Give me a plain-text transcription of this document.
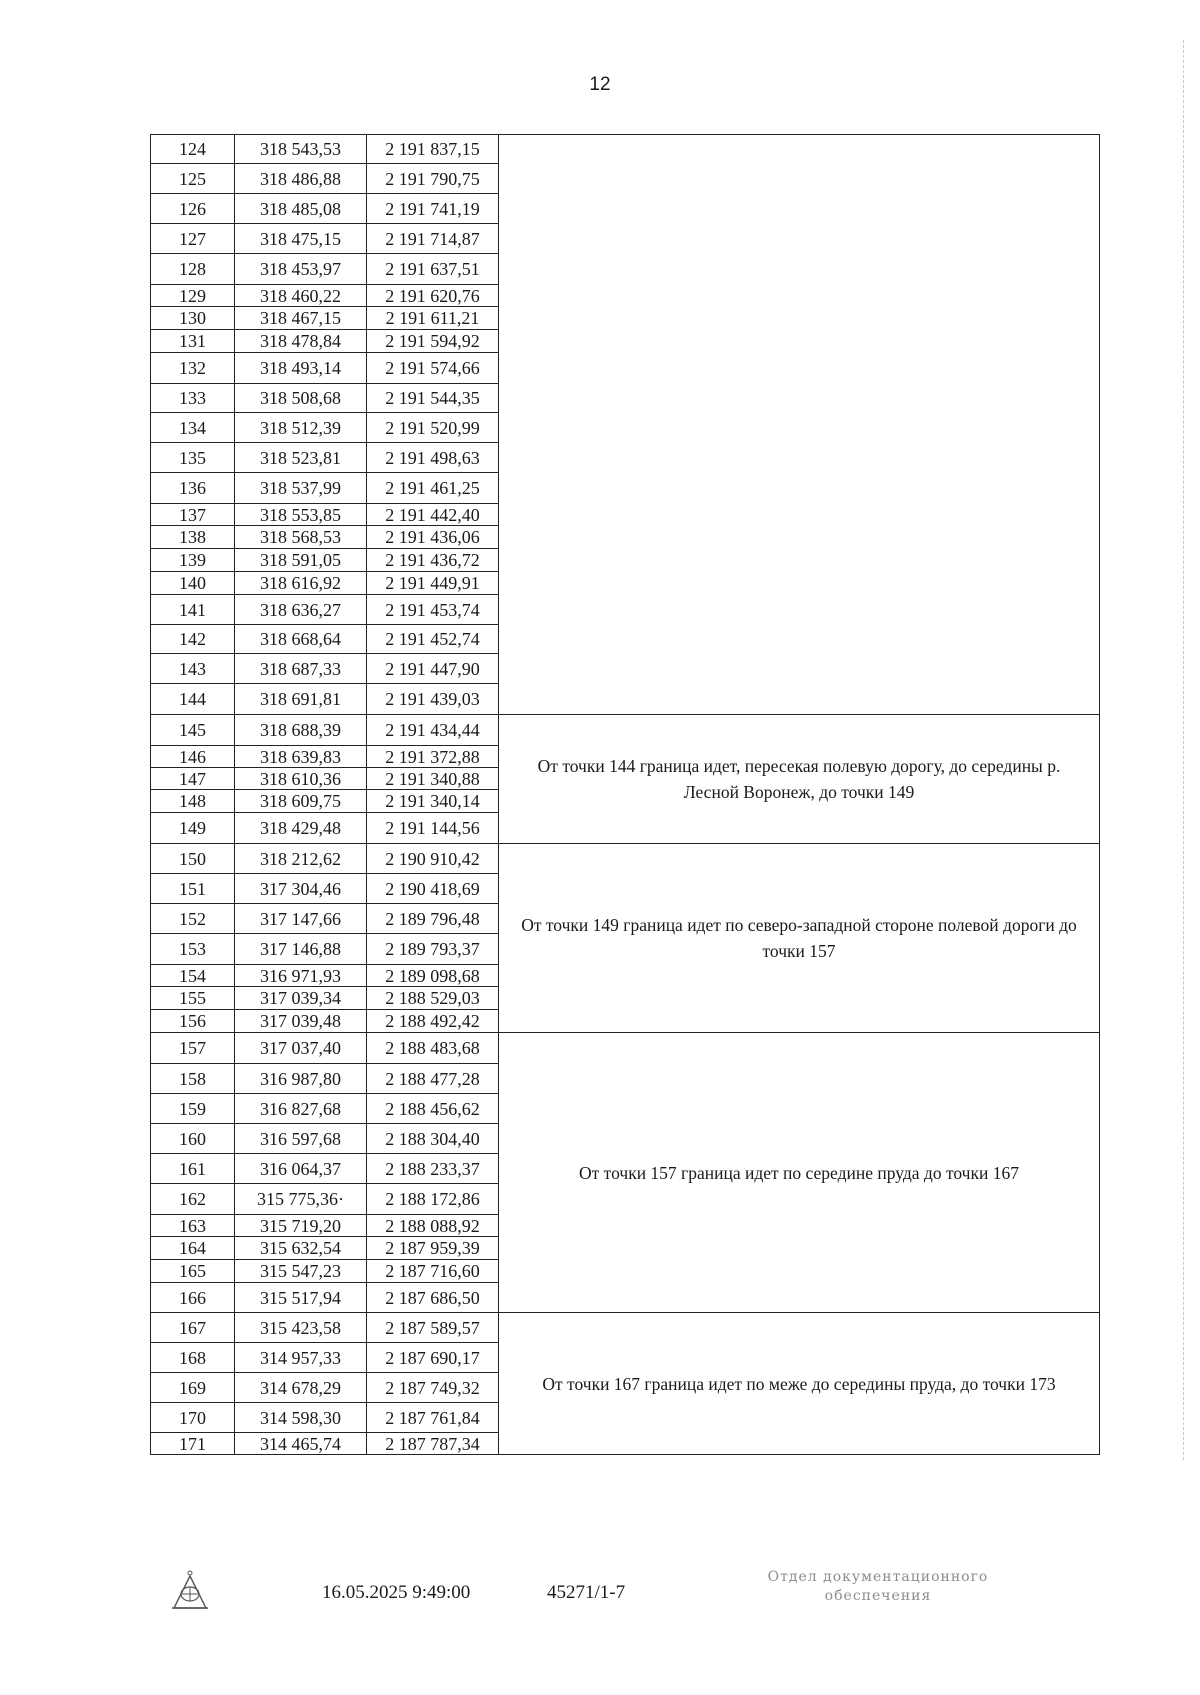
12
124	318 543,53	2 191 837,15	
125	318 486,88	2 191 790,75	
126	318 485,08	2 191 741,19	
127	318 475,15	2 191 714,87	
128	318 453,97	2 191 637,51	
129	318 460,22	2 191 620,76	
130	318 467,15	2 191 611,21	
131	318 478,84	2 191 594,92	
132	318 493,14	2 191 574,66	
133	318 508,68	2 191 544,35	
134	318 512,39	2 191 520,99	
135	318 523,81	2 191 498,63	
136	318 537,99	2 191 461,25	
137	318 553,85	2 191 442,40	
138	318 568,53	2 191 436,06	
139	318 591,05	2 191 436,72	
140	318 616,92	2 191 449,91	
141	318 636,27	2 191 453,74	
142	318 668,64	2 191 452,74	
143	318 687,33	2 191 447,90	
144	318 691,81	2 191 439,03	
145	318 688,39	2 191 434,44	От точки 144 граница идет, пересекая полевую дорогу, до середины р. Лесной Воронеж, до точки 149
146	318 639,83	2 191 372,88	
147	318 610,36	2 191 340,88	
148	318 609,75	2 191 340,14	
149	318 429,48	2 191 144,56	
150	318 212,62	2 190 910,42	От точки 149 граница идет по северо-западной стороне полевой дороги до точки 157
151	317 304,46	2 190 418,69	
152	317 147,66	2 189 796,48	
153	317 146,88	2 189 793,37	
154	316 971,93	2 189 098,68	
155	317 039,34	2 188 529,03	
156	317 039,48	2 188 492,42	
157	317 037,40	2 188 483,68	От точки 157 граница идет по середине пруда до точки 167
158	316 987,80	2 188 477,28	
159	316 827,68	2 188 456,62	
160	316 597,68	2 188 304,40	
161	316 064,37	2 188 233,37	
162	315 775,36·	2 188 172,86	
163	315 719,20	2 188 088,92	
164	315 632,54	2 187 959,39	
165	315 547,23	2 187 716,60	
166	315 517,94	2 187 686,50	
167	315 423,58	2 187 589,57	От точки 167 граница идет по меже до середины пруда, до точки 173
168	314 957,33	2 187 690,17	
169	314 678,29	2 187 749,32	
170	314 598,30	2 187 761,84	
171	314 465,74	2 187 787,34	
16.05.2025 9:49:00	45271/1-7
Отдел документационного
обеспечения
